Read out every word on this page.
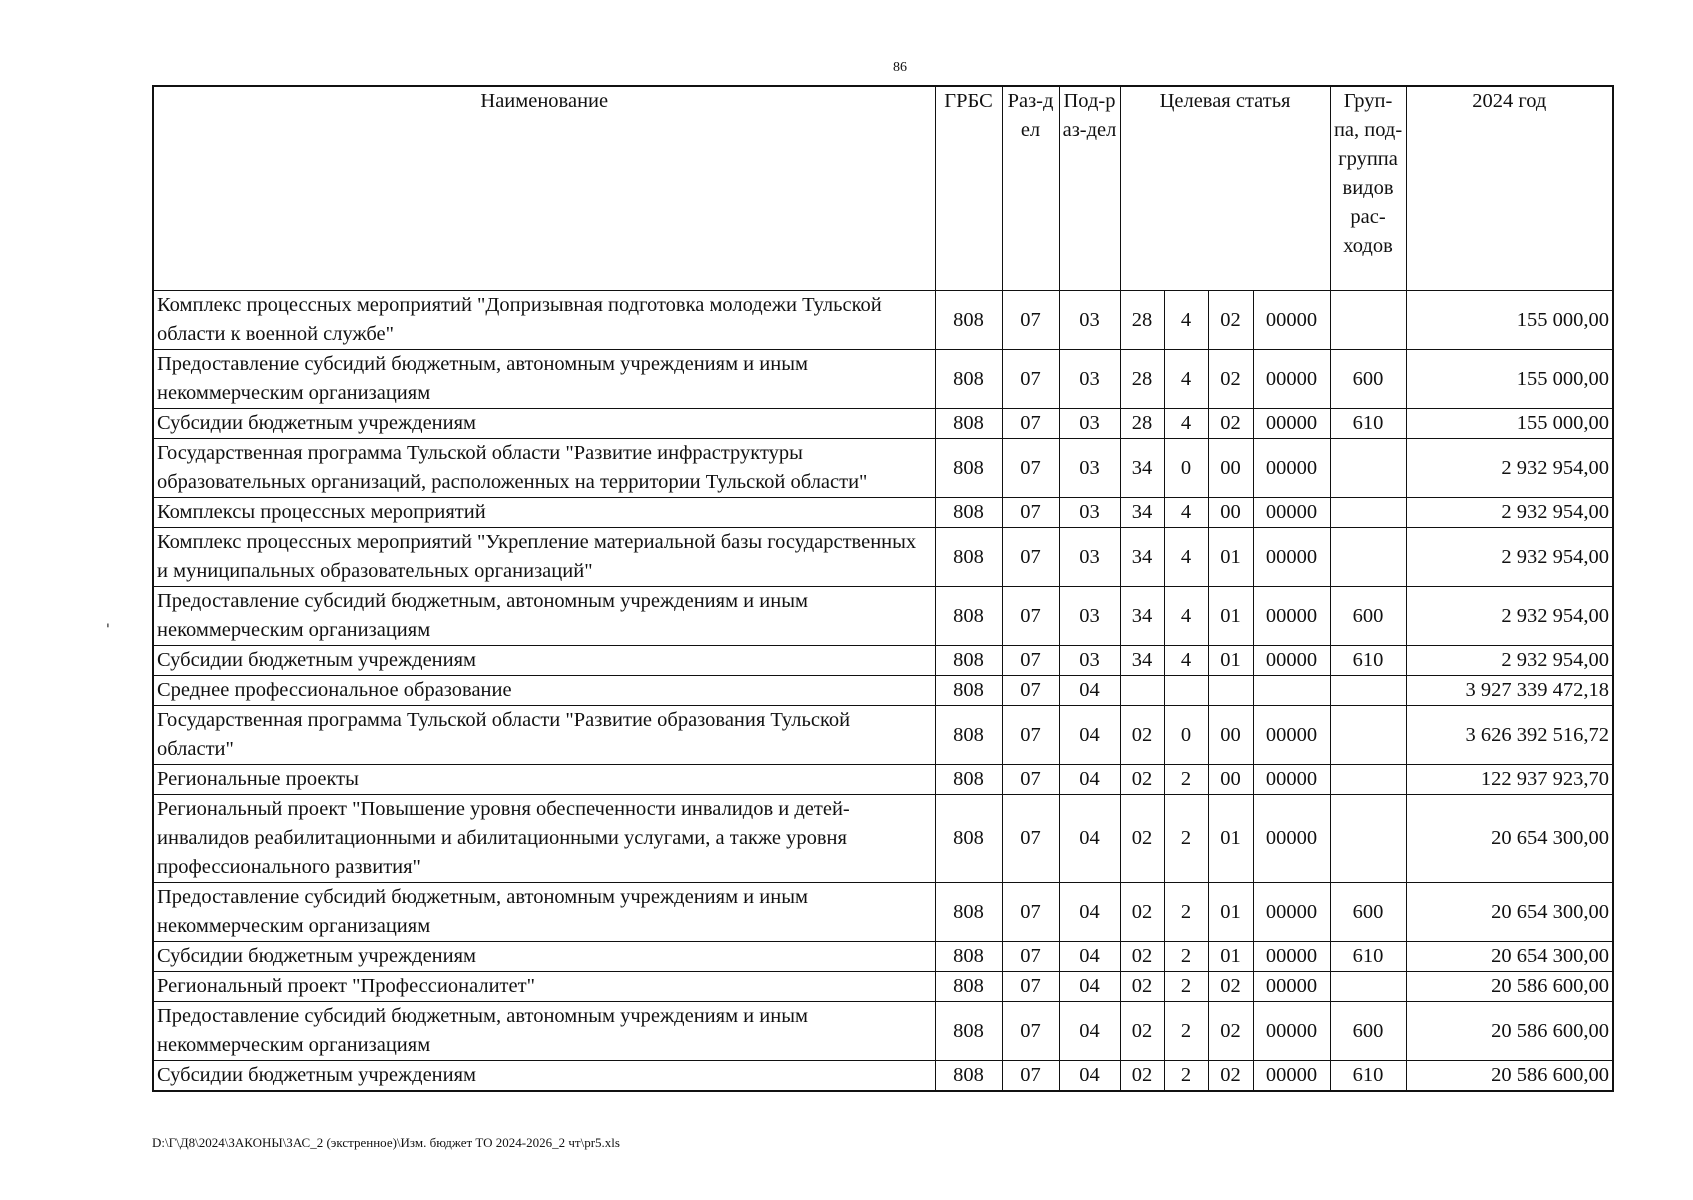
86
'
Наименование	ГРБС	Раз-дел	Под-раз-дел	Целевая статья				Груп-па, под-группа видов рас-ходов	2024 год
Комплекс процессных мероприятий "Допризывная подготовка молодежи Тульской области к военной службе"	808	07	03	28	4	02	00000		155 000,00
Предоставление субсидий бюджетным, автономным учреждениям и иным некоммерческим организациям	808	07	03	28	4	02	00000	600	155 000,00
Субсидии бюджетным учреждениям	808	07	03	28	4	02	00000	610	155 000,00
Государственная программа Тульской области "Развитие инфраструктуры образовательных организаций, расположенных на территории Тульской области"	808	07	03	34	0	00	00000		2 932 954,00
Комплексы процессных мероприятий	808	07	03	34	4	00	00000		2 932 954,00
Комплекс процессных мероприятий "Укрепление материальной базы государственных и муниципальных образовательных организаций"	808	07	03	34	4	01	00000		2 932 954,00
Предоставление субсидий бюджетным, автономным учреждениям и иным некоммерческим организациям	808	07	03	34	4	01	00000	600	2 932 954,00
Субсидии бюджетным учреждениям	808	07	03	34	4	01	00000	610	2 932 954,00
Среднее профессиональное образование	808	07	04						3 927 339 472,18
Государственная программа Тульской области "Развитие образования Тульской области"	808	07	04	02	0	00	00000		3 626 392 516,72
Региональные проекты	808	07	04	02	2	00	00000		122 937 923,70
Региональный проект "Повышение уровня обеспеченности инвалидов и детей-инвалидов реабилитационными и абилитационными услугами, а также уровня профессионального развития"	808	07	04	02	2	01	00000		20 654 300,00
Предоставление субсидий бюджетным, автономным учреждениям и иным некоммерческим организациям	808	07	04	02	2	01	00000	600	20 654 300,00
Субсидии бюджетным учреждениям	808	07	04	02	2	01	00000	610	20 654 300,00
Региональный проект "Профессионалитет"	808	07	04	02	2	02	00000		20 586 600,00
Предоставление субсидий бюджетным, автономным учреждениям и иным некоммерческим организациям	808	07	04	02	2	02	00000	600	20 586 600,00
Субсидии бюджетным учреждениям	808	07	04	02	2	02	00000	610	20 586 600,00
D:\Г\Д8\2024\ЗАКОНЫ\ЗАС_2 (экстренное)\Изм. бюджет ТО 2024-2026_2 чт\pr5.xls
